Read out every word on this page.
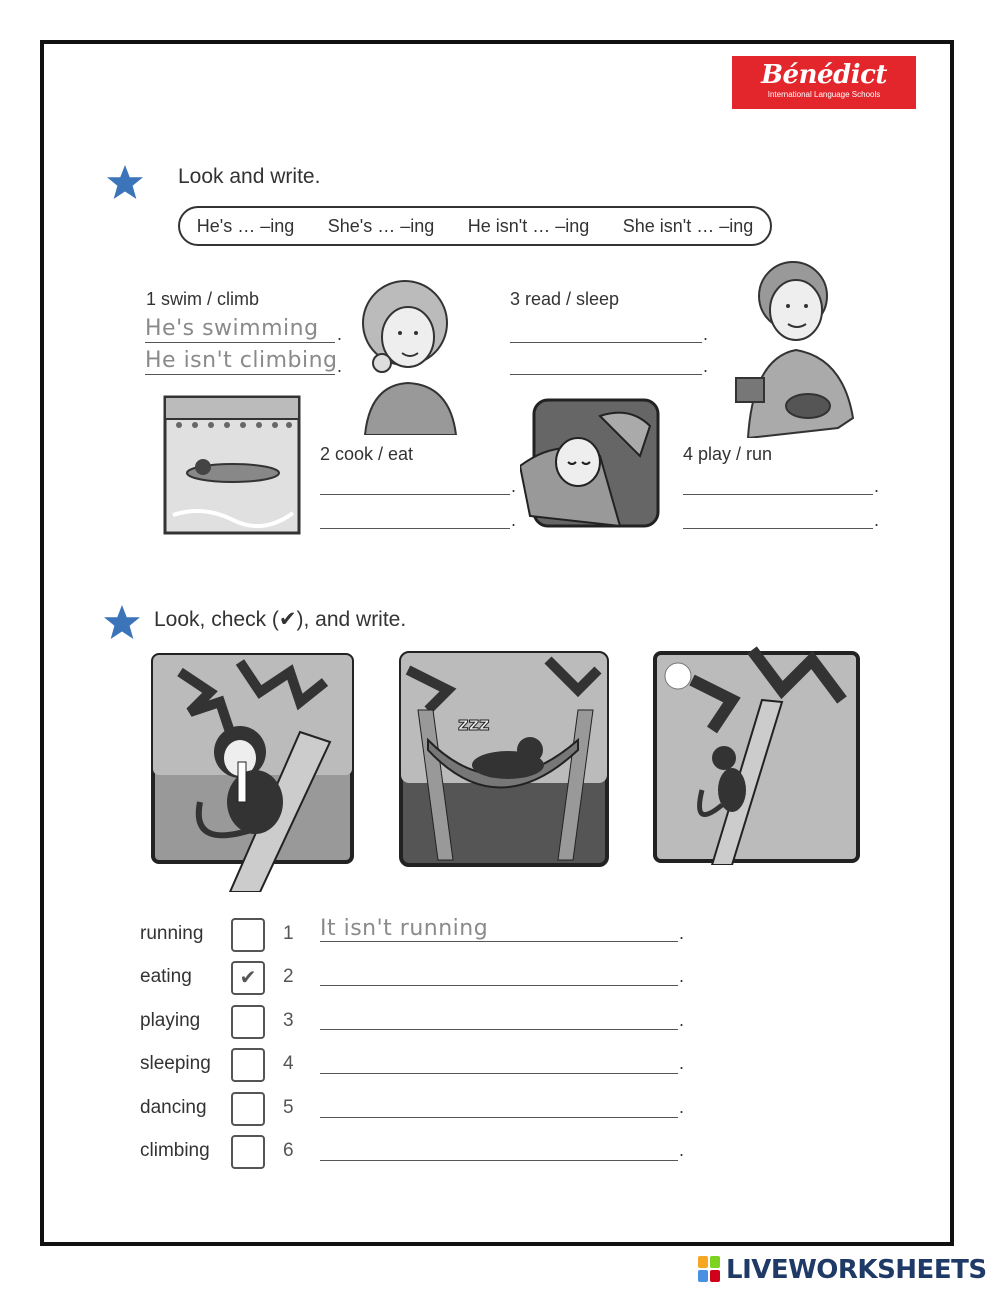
Bénédict
International Language Schools
Look and write.
He's … –ing She's … –ing He isn't … –ing She isn't … –ing
1 swim / climb
He's swimming .
He isn't climbing .
3 read / sleep
.
.
2 cook / eat
.
.
4 play / run
.
.
Look, check (✔), and write.
zzz
running	1 It isn't running	.
eating	✔	2	.
playing	3	.
sleeping	4	.
dancing	5	.
climbing	6	.
LIVEWORKSHEETS
